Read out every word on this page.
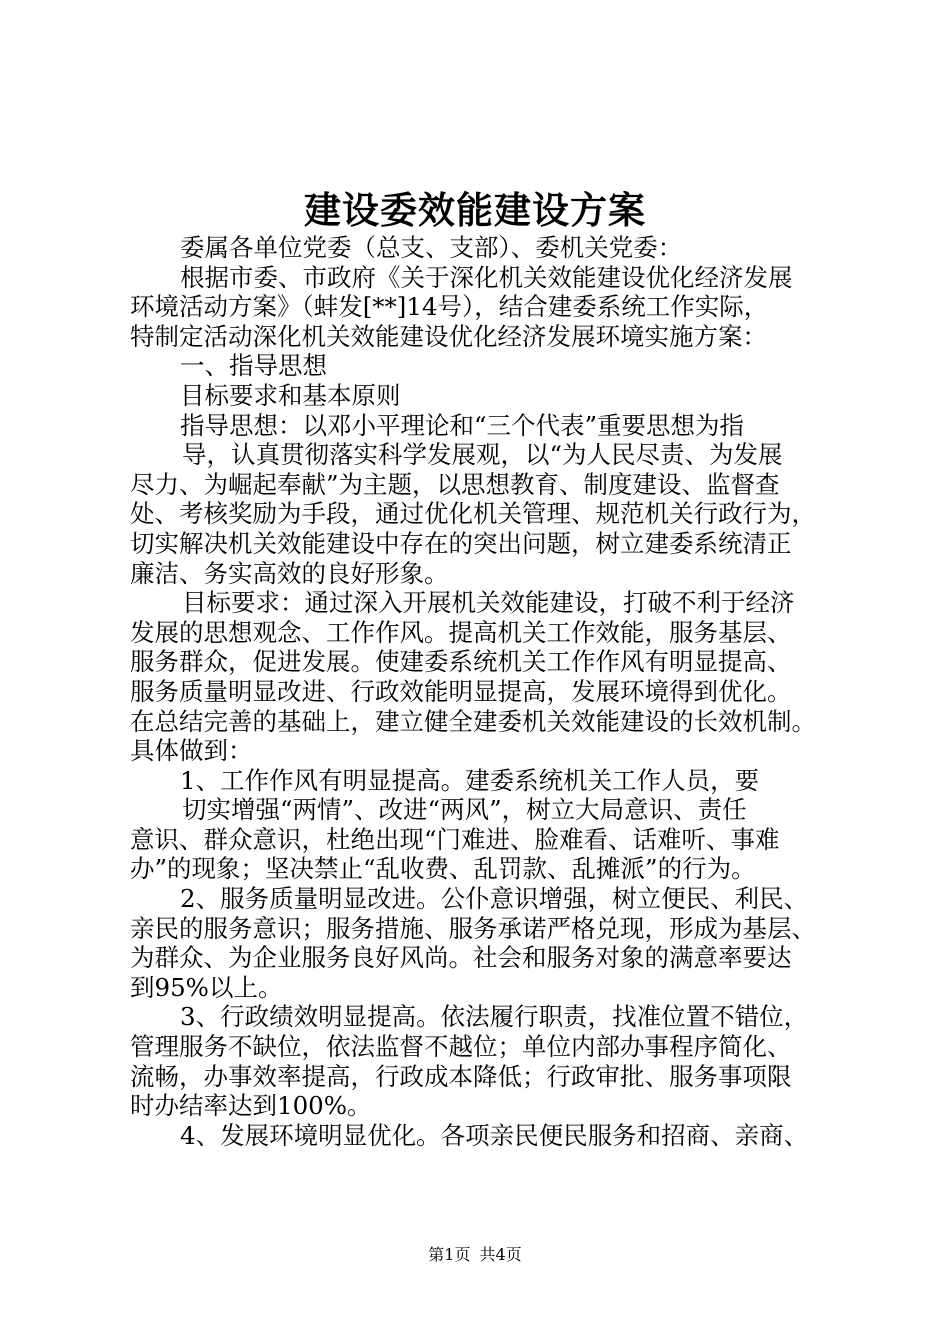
建设委效能建设方案
委属各单位党委（总支、支部）、委机关党委：
根据市委、市政府《关于深化机关效能建设优化经济发展
环境活动方案》（蚌发[**]14号），结合建委系统工作实际，
特制定活动深化机关效能建设优化经济发展环境实施方案：
一、指导思想
目标要求和基本原则
指导思想：以邓小平理论和“三个代表”重要思想为指
导，认真贯彻落实科学发展观，以“为人民尽责、为发展
尽力、为崛起奉献”为主题，以思想教育、制度建设、监督查
处、考核奖励为手段，通过优化机关管理、规范机关行政行为，
切实解决机关效能建设中存在的突出问题，树立建委系统清正
廉洁、务实高效的良好形象。
目标要求：通过深入开展机关效能建设，打破不利于经济
发展的思想观念、工作作风。提高机关工作效能，服务基层、
服务群众，促进发展。使建委系统机关工作作风有明显提高、
服务质量明显改进、行政效能明显提高，发展环境得到优化。
在总结完善的基础上，建立健全建委机关效能建设的长效机制。
具体做到：
1、工作作风有明显提高。建委系统机关工作人员，要
切实增强“两情”、改进“两风”，树立大局意识、责任
意识、群众意识，杜绝出现“门难进、脸难看、话难听、事难
办”的现象；坚决禁止“乱收费、乱罚款、乱摊派”的行为。
2、服务质量明显改进。公仆意识增强，树立便民、利民、
亲民的服务意识；服务措施、服务承诺严格兑现，形成为基层、
为群众、为企业服务良好风尚。社会和服务对象的满意率要达
到95%以上。
3、行政绩效明显提高。依法履行职责，找准位置不错位，
管理服务不缺位，依法监督不越位；单位内部办事程序简化、
流畅，办事效率提高，行政成本降低；行政审批、服务事项限
时办结率达到100%。
4、发展环境明显优化。各项亲民便民服务和招商、亲商、
第1页 共4页
